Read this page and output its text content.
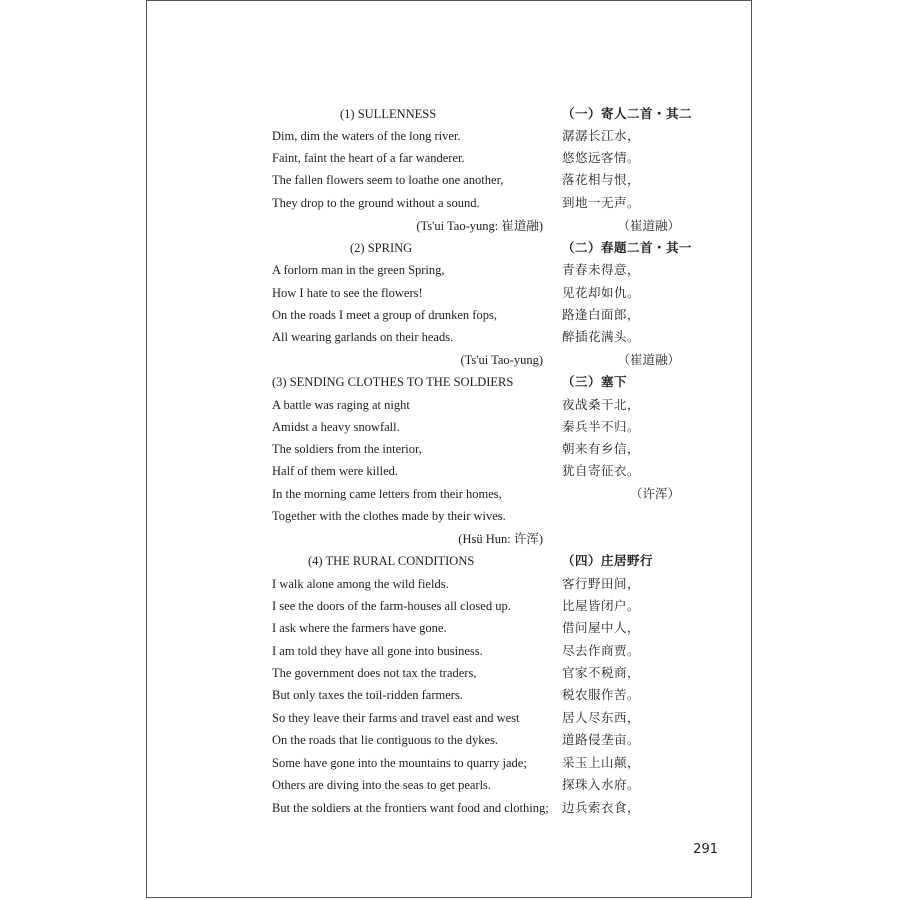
(1) SULLENNESS	（一）寄人二首・其二
Dim, dim the waters of the long river.	潺潺长江水，
Faint, faint the heart of a far wanderer.	悠悠远客情。
The fallen flowers seem to loathe one another,	落花相与恨，
They drop to the ground without a sound.	到地一无声。
(Ts'ui Tao-yung: 崔道融)	（崔道融）
(2) SPRING	（二）春题二首・其一
A forlorn man in the green Spring,	青春未得意，
How I hate to see the flowers!	见花却如仇。
On the roads I meet a group of drunken fops,	路逢白面郎，
All wearing garlands on their heads.	醉插花满头。
(Ts'ui Tao-yung)	（崔道融）
(3) SENDING CLOTHES TO THE SOLDIERS	（三）塞下
A battle was raging at night	夜战桑干北，
Amidst a heavy snowfall.	秦兵半不归。
The soldiers from the interior,	朝来有乡信，
Half of them were killed.	犹自寄征衣。
In the morning came letters from their homes,	（许浑）
Together with the clothes made by their wives.
(Hsü Hun: 许浑)
(4) THE RURAL CONDITIONS	（四）庄居野行
I walk alone among the wild fields.	客行野田间，
I see the doors of the farm-houses all closed up.	比屋皆闭户。
I ask where the farmers have gone.	借问屋中人，
I am told they have all gone into business.	尽去作商贾。
The government does not tax the traders,	官家不税商，
But only taxes the toil-ridden farmers.	税农服作苦。
So they leave their farms and travel east and west	居人尽东西，
On the roads that lie contiguous to the dykes.	道路侵垄亩。
Some have gone into the mountains to quarry jade;	采玉上山颠，
Others are diving into the seas to get pearls.	探珠入水府。
But the soldiers at the frontiers want food and clothing; 边兵索衣食，
291
